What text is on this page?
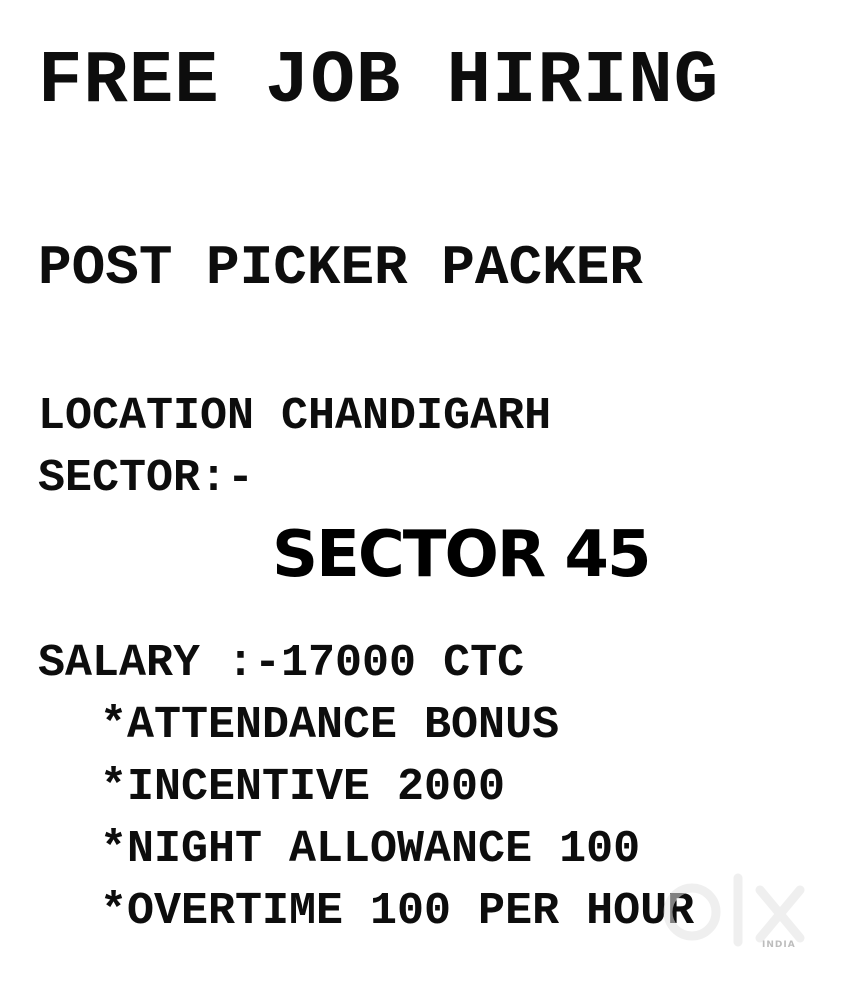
FREE JOB HIRING
POST PICKER PACKER
LOCATION CHANDIGARH
SECTOR:-
SECTOR 45
SALARY :-17000 CTC
*ATTENDANCE BONUS
*INCENTIVE 2000
*NIGHT ALLOWANCE 100
*OVERTIME 100 PER HOUR
INDIA
